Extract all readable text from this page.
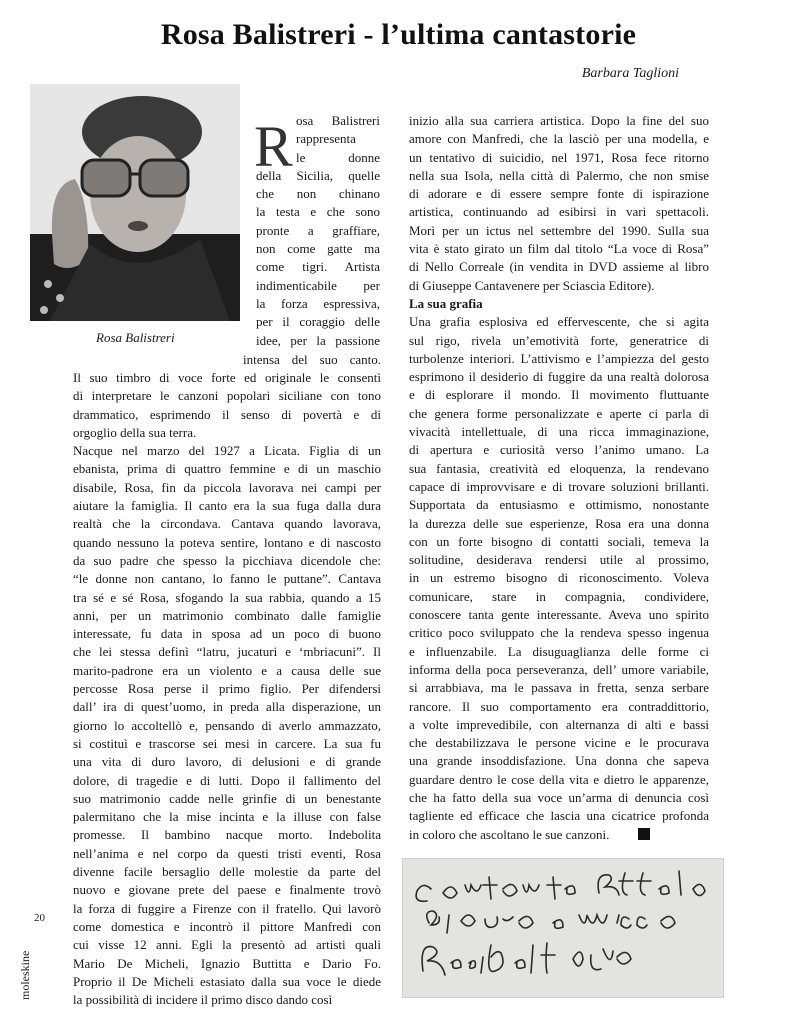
Rosa Balistreri - l’ultima cantastorie
Barbara Taglioni
Rosa Balistreri
R osa Balistreri
rappresenta
le donne
della Sicilia, quelle
che non chinano
la testa e che sono
pronte a graffiare,
non come gatte ma
come tigri. Artista
indimenticabile per
la forza espressiva,
per il coraggio delle
idee, per la passione
intensa del suo canto.
Il suo timbro di voce forte ed originale le consentì
di interpretare le canzoni popolari siciliane con tono
drammatico, esprimendo il senso di povertà e di
orgoglio della sua terra.
Nacque nel marzo del 1927 a Licata. Figlia di un
ebanista, prima di quattro femmine e di un maschio
disabile, Rosa, fin da piccola lavorava nei campi per
aiutare la famiglia. Il canto era la sua fuga dalla dura
realtà che la circondava. Cantava quando lavorava,
quando nessuno la poteva sentire, lontano e di nascosto
da suo padre che spesso la picchiava dicendole che:
“le donne non cantano, lo fanno le puttane”. Cantava
tra sé e sé Rosa, sfogando la sua rabbia, quando a 15
anni, per un matrimonio combinato dalle famiglie
interessate, fu data in sposa ad un poco di buono
che lei stessa definì “latru, jucaturi e ‘mbriacuni”. Il
marito-padrone era un violento e a causa delle sue
percosse Rosa perse il primo figlio. Per difendersi
dall’ ira di quest’uomo, in preda alla disperazione, un
giorno lo accoltellò e, pensando di averlo ammazzato,
si costituì e trascorse sei mesi in carcere. La sua fu
una vita di duro lavoro, di delusioni e di grande
dolore, di tragedie e di lutti. Dopo il fallimento del
suo matrimonio cadde nelle grinfie di un benestante
palermitano che la mise incinta e la illuse con false
promesse. Il bambino nacque morto. Indebolita
nell’anima e nel corpo da questi tristi eventi, Rosa
divenne facile bersaglio delle molestie da parte del
nuovo e giovane prete del paese e finalmente trovò
la forza di fuggire a Firenze con il fratello. Qui lavorò
come domestica e incontrò il pittore Manfredi con
cui visse 12 anni. Egli la presentò ad artisti quali
Mario De Micheli, Ignazio Buttitta e Dario Fo.
Proprio il De Micheli estasiato dalla sua voce le diede
la possibilità di incidere il primo disco dando così
inizio alla sua carriera artistica. Dopo la fine del suo
amore con Manfredi, che la lasciò per una modella, e
un tentativo di suicidio, nel 1971, Rosa fece ritorno
nella sua Isola, nella città di Palermo, che non smise
di adorare e di essere sempre fonte di ispirazione
artistica, continuando ad esibirsi in vari spettacoli.
Morì per un ictus nel settembre del 1990. Sulla sua
vita è stato girato un film dal titolo “La voce di Rosa”
di Nello Correale (in vendita in DVD assieme al libro
di Giuseppe Cantavenere per Sciascia Editore).
La sua grafia
Una grafia esplosiva ed effervescente, che si agita
sul rigo, rivela un’emotività forte, generatrice di
turbolenze interiori. L’attivismo e l’ampiezza del gesto
esprimono il desiderio di fuggire da una realtà dolorosa
e di esplorare il mondo. Il movimento fluttuante
che genera forme personalizzate e aperte ci parla di
vivacità intellettuale, di una ricca immaginazione,
di apertura e curiosità verso l’animo umano. La
sua fantasia, creatività ed eloquenza, la rendevano
capace di improvvisare e di trovare soluzioni brillanti.
Supportata da entusiasmo e ottimismo, nonostante
la durezza delle sue esperienze, Rosa era una donna
con un forte bisogno di contatti sociali, temeva la
solitudine, desiderava rendersi utile al prossimo,
in un estremo bisogno di riconoscimento. Voleva
comunicare, stare in compagnia, condividere,
conoscere tanta gente interessante. Aveva uno spirito
critico poco sviluppato che la rendeva spesso ingenua
e influenzabile. La disuguaglianza delle forme ci
informa della poca perseveranza, dell’ umore variabile,
si arrabbiava, ma le passava in fretta, senza serbare
rancore. Il suo comportamento era contraddittorio,
a volte imprevedibile, con alternanza di alti e bassi
che destabilizzava le persone vicine e le procurava
una grande insoddisfazione. Una donna che sapeva
guardare dentro le cose della vita e dietro le apparenze,
che ha fatto della sua voce un’arma di denuncia così
tagliente ed efficace che lascia una cicatrice profonda
in coloro che ascoltano le sue canzoni.
20
moleskine
